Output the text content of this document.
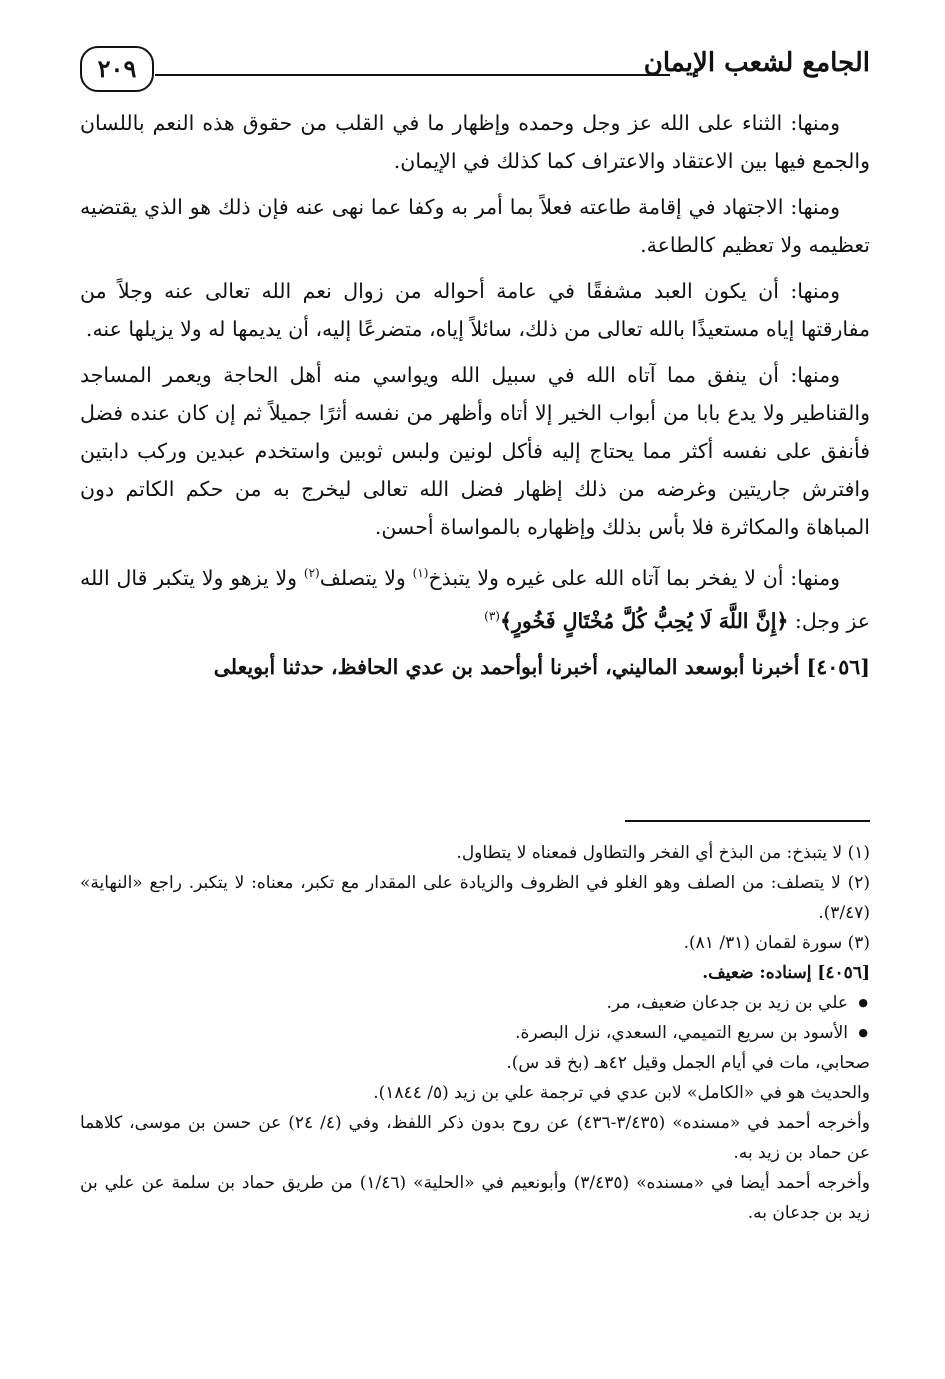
الجامع لشعب الإيمان
٢٠٩

ومنها: الثناء على الله عز وجل وحمده وإظهار ما في القلب من حقوق هذه النعم باللسان والجمع فيها بين الاعتقاد والاعتراف كما كذلك في الإيمان.

ومنها: الاجتهاد في إقامة طاعته فعلاً بما أمر به وكفا عما نهى عنه فإن ذلك هو الذي يقتضيه تعظيمه ولا تعظيم كالطاعة.

ومنها: أن يكون العبد مشفقًا في عامة أحواله من زوال نعم الله تعالى عنه وجلاً من مفارقتها إياه مستعيذًا بالله تعالى من ذلك، سائلاً إياه، متضرعًا إليه، أن يديمها له ولا يزيلها عنه.

ومنها: أن ينفق مما آتاه الله في سبيل الله ويواسي منه أهل الحاجة ويعمر المساجد والقناطير ولا يدع بابا من أبواب الخير إلا أتاه وأظهر من نفسه أثرًا جميلاً ثم إن كان عنده فضل فأنفق على نفسه أكثر مما يحتاج إليه فأكل لونين ولبس ثوبين واستخدم عبدين وركب دابتين وافترش جاريتين وغرضه من ذلك إظهار فضل الله تعالى ليخرج به من حكم الكاتم دون المباهاة والمكاثرة فلا بأس بذلك وإظهاره بالمواساة أحسن.

ومنها: أن لا يفخر بما آتاه الله على غيره ولا يتبذخ$^{(١)}$ ولا يتصلف$^{(٢)}$ ولا يزهو ولا يتكبر قال الله عز وجل: ﴿إِنَّ اللَّهَ لَا يُحِبُّ كُلَّ مُخْتَالٍ فَخُورٍ﴾$^{(٣)}$

[٤٠٥٦] أخبرنا أبوسعد الماليني، أخبرنا أبوأحمد بن عدي الحافظ، حدثنا أبويعلى

(١) لا يتبذخ: من البذخ أي الفخر والتطاول فمعناه لا يتطاول.

(٢) لا يتصلف: من الصلف وهو الغلو في الظروف والزيادة على المقدار مع تكبر، معناه: لا يتكبر. راجع «النهاية» (٣/٤٧).

(٣) سورة لقمان (٣١/ ٨١).

[٤٠٥٦] إسناده: ضعيف.

● علي بن زيد بن جدعان ضعيف، مر.

● الأسود بن سريع التميمي، السعدي، نزل البصرة.

صحابي، مات في أيام الجمل وقيل ٤٢هـ (بخ قد س).

والحديث هو في «الكامل» لابن عدي في ترجمة علي بن زيد (٥/ ١٨٤٤).

وأخرجه أحمد في «مسنده» (٣/٤٣٥-٤٣٦) عن روح بدون ذكر اللفظ، وفي (٤/ ٢٤) عن حسن بن موسى، كلاهما عن حماد بن زيد به.

وأخرجه أحمد أيضا في «مسنده» (٣/٤٣٥) وأبونعيم في «الحلية» (١/٤٦) من طريق حماد بن سلمة عن علي بن زيد بن جدعان به.
